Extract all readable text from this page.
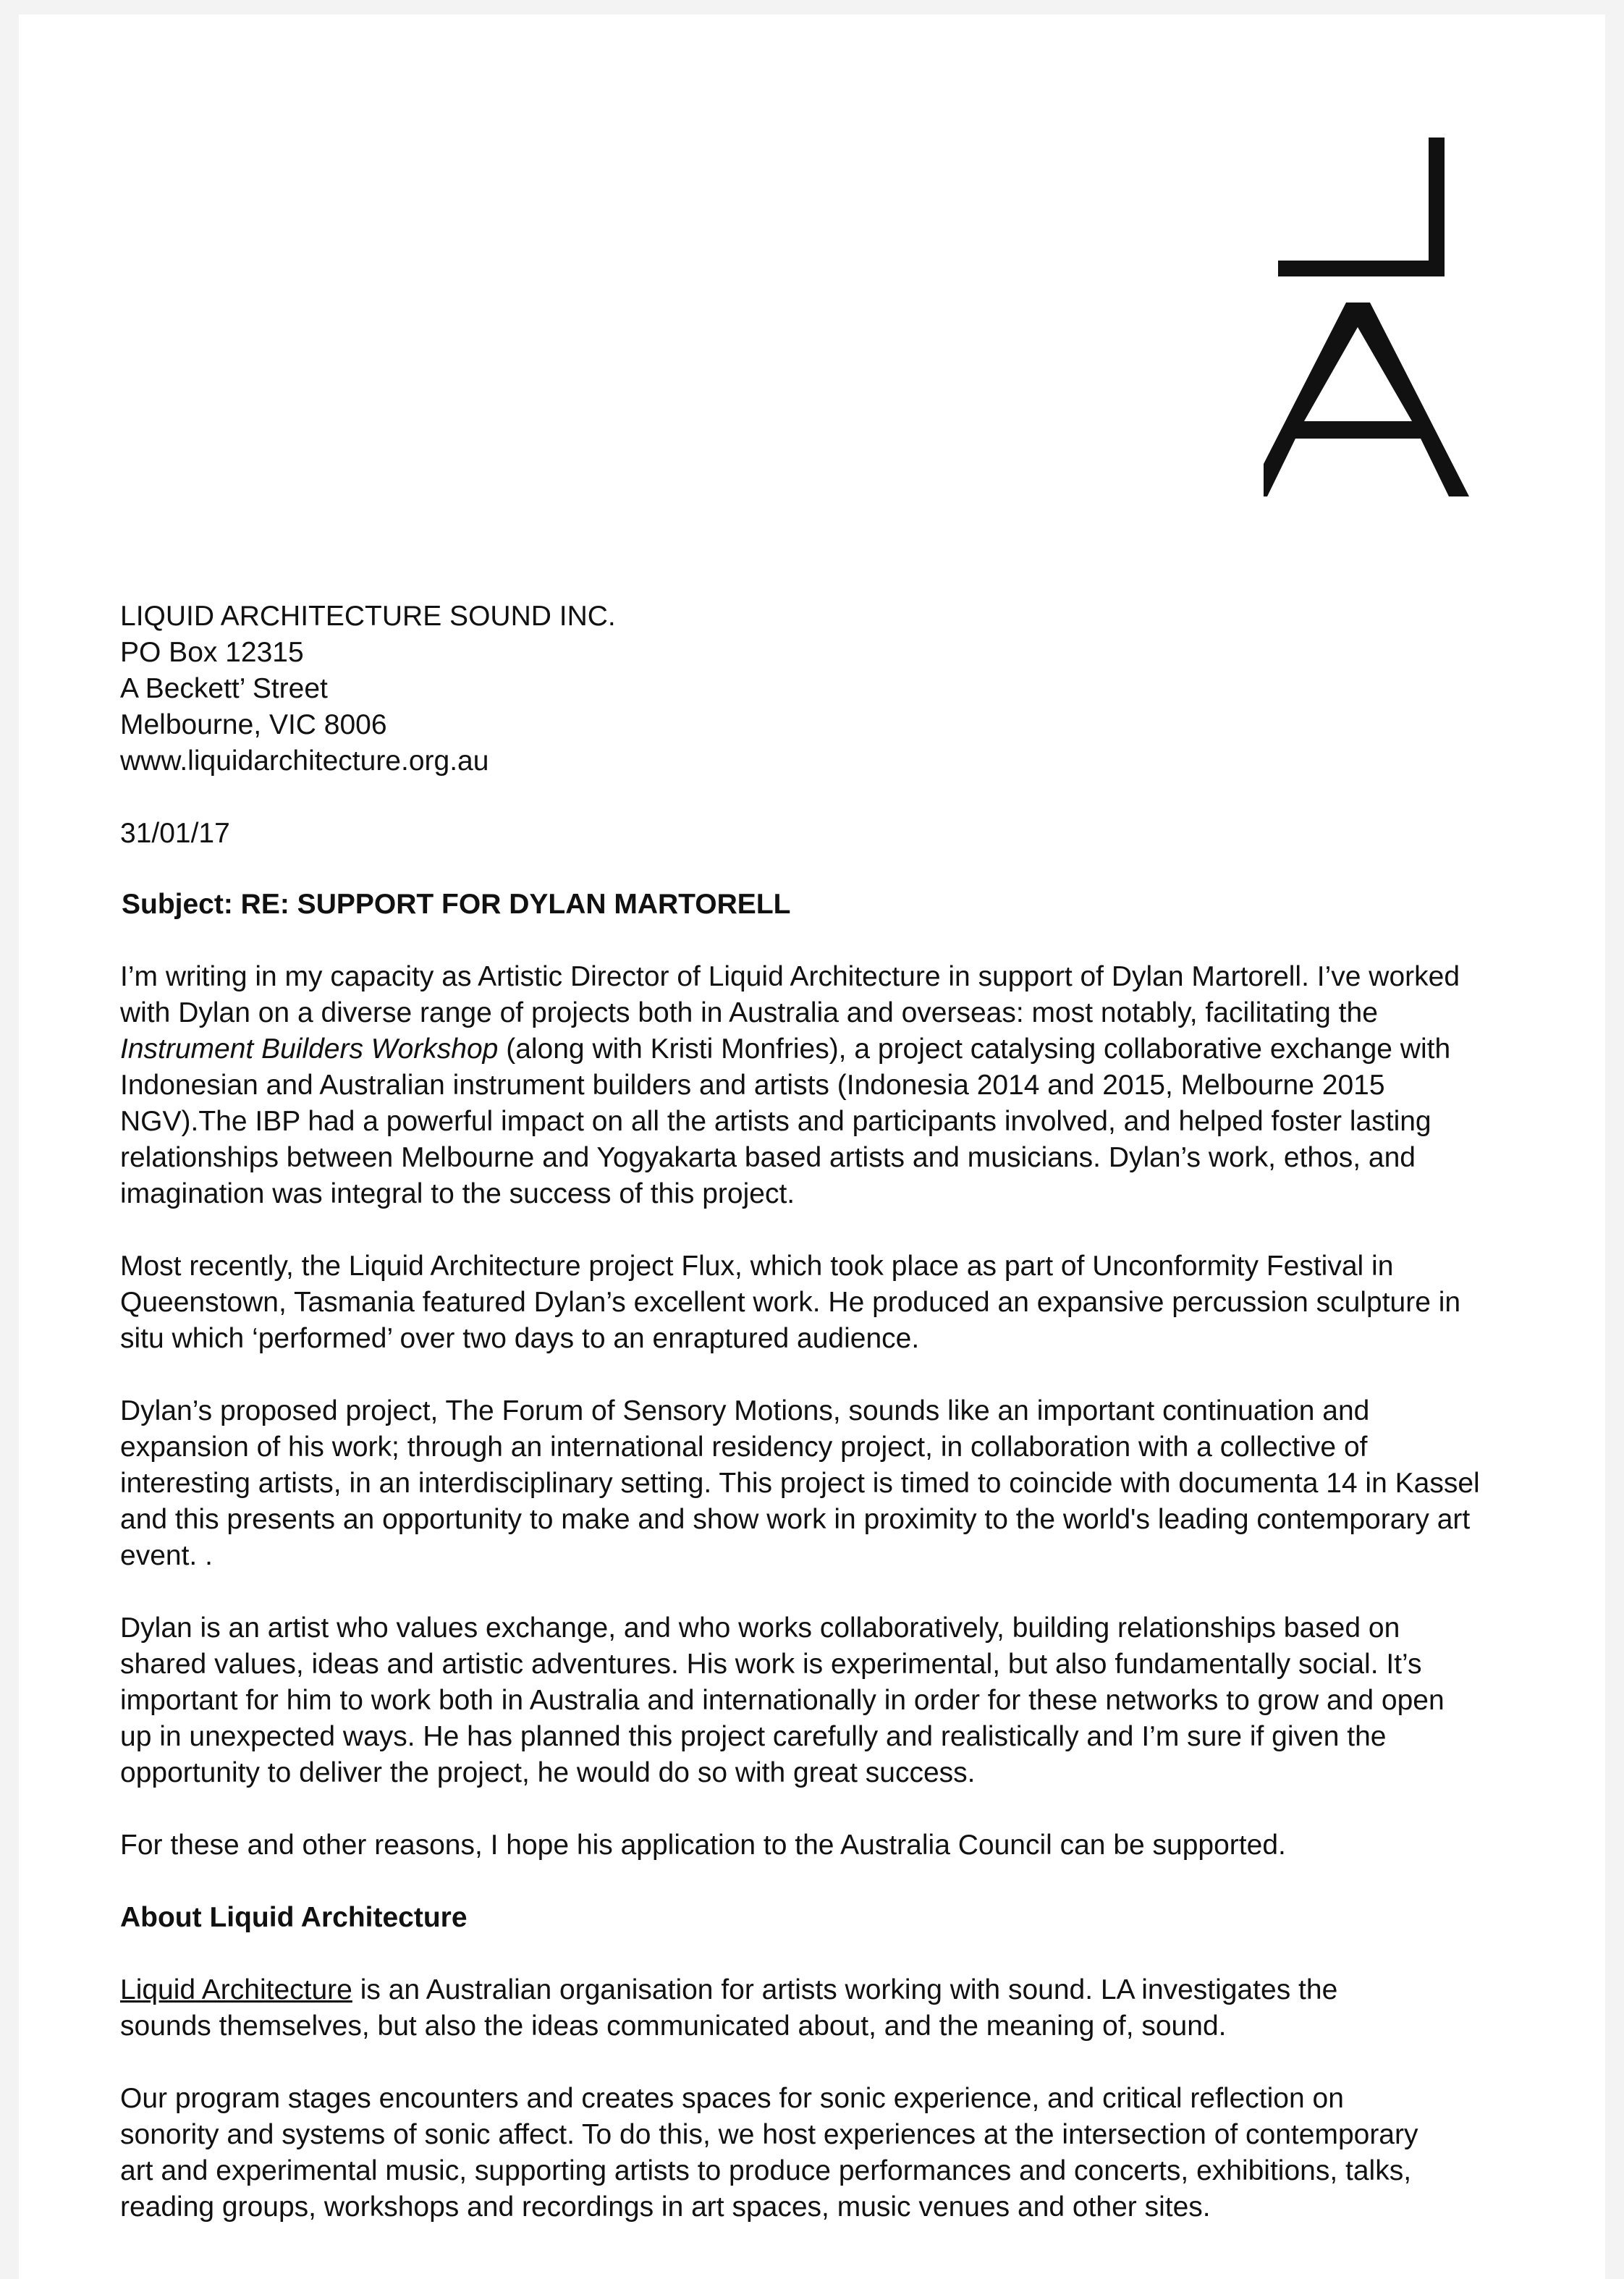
LIQUID ARCHITECTURE SOUND INC.
PO Box 12315
A Beckett’ Street
Melbourne, VIC 8006
www.liquidarchitecture.org.au
31/01/17
Subject: RE: SUPPORT FOR DYLAN MARTORELL
I’m writing in my capacity as Artistic Director of Liquid Architecture in support of Dylan Martorell. I’ve worked
with Dylan on a diverse range of projects both in Australia and overseas: most notably, facilitating the
Instrument Builders Workshop (along with Kristi Monfries), a project catalysing collaborative exchange with
Indonesian and Australian instrument builders and artists (Indonesia 2014 and 2015, Melbourne 2015
NGV).The IBP had a powerful impact on all the artists and participants involved, and helped foster lasting
relationships between Melbourne and Yogyakarta based artists and musicians. Dylan’s work, ethos, and
imagination was integral to the success of this project.
Most recently, the Liquid Architecture project Flux, which took place as part of Unconformity Festival in
Queenstown, Tasmania featured Dylan’s excellent work. He produced an expansive percussion sculpture in
situ which ‘performed’ over two days to an enraptured audience.
Dylan’s proposed project, The Forum of Sensory Motions, sounds like an important continuation and
expansion of his work; through an international residency project, in collaboration with a collective of
interesting artists, in an interdisciplinary setting. This project is timed to coincide with documenta 14 in Kassel
and this presents an opportunity to make and show work in proximity to the world's leading contemporary art
event. .
Dylan is an artist who values exchange, and who works collaboratively, building relationships based on
shared values, ideas and artistic adventures. His work is experimental, but also fundamentally social. It’s
important for him to work both in Australia and internationally in order for these networks to grow and open
up in unexpected ways. He has planned this project carefully and realistically and I’m sure if given the
opportunity to deliver the project, he would do so with great success.
For these and other reasons, I hope his application to the Australia Council can be supported.
About Liquid Architecture
Liquid Architecture is an Australian organisation for artists working with sound. LA investigates the
sounds themselves, but also the ideas communicated about, and the meaning of, sound.
Our program stages encounters and creates spaces for sonic experience, and critical reflection on
sonority and systems of sonic affect. To do this, we host experiences at the intersection of contemporary
art and experimental music, supporting artists to produce performances and concerts, exhibitions, talks,
reading groups, workshops and recordings in art spaces, music venues and other sites.
